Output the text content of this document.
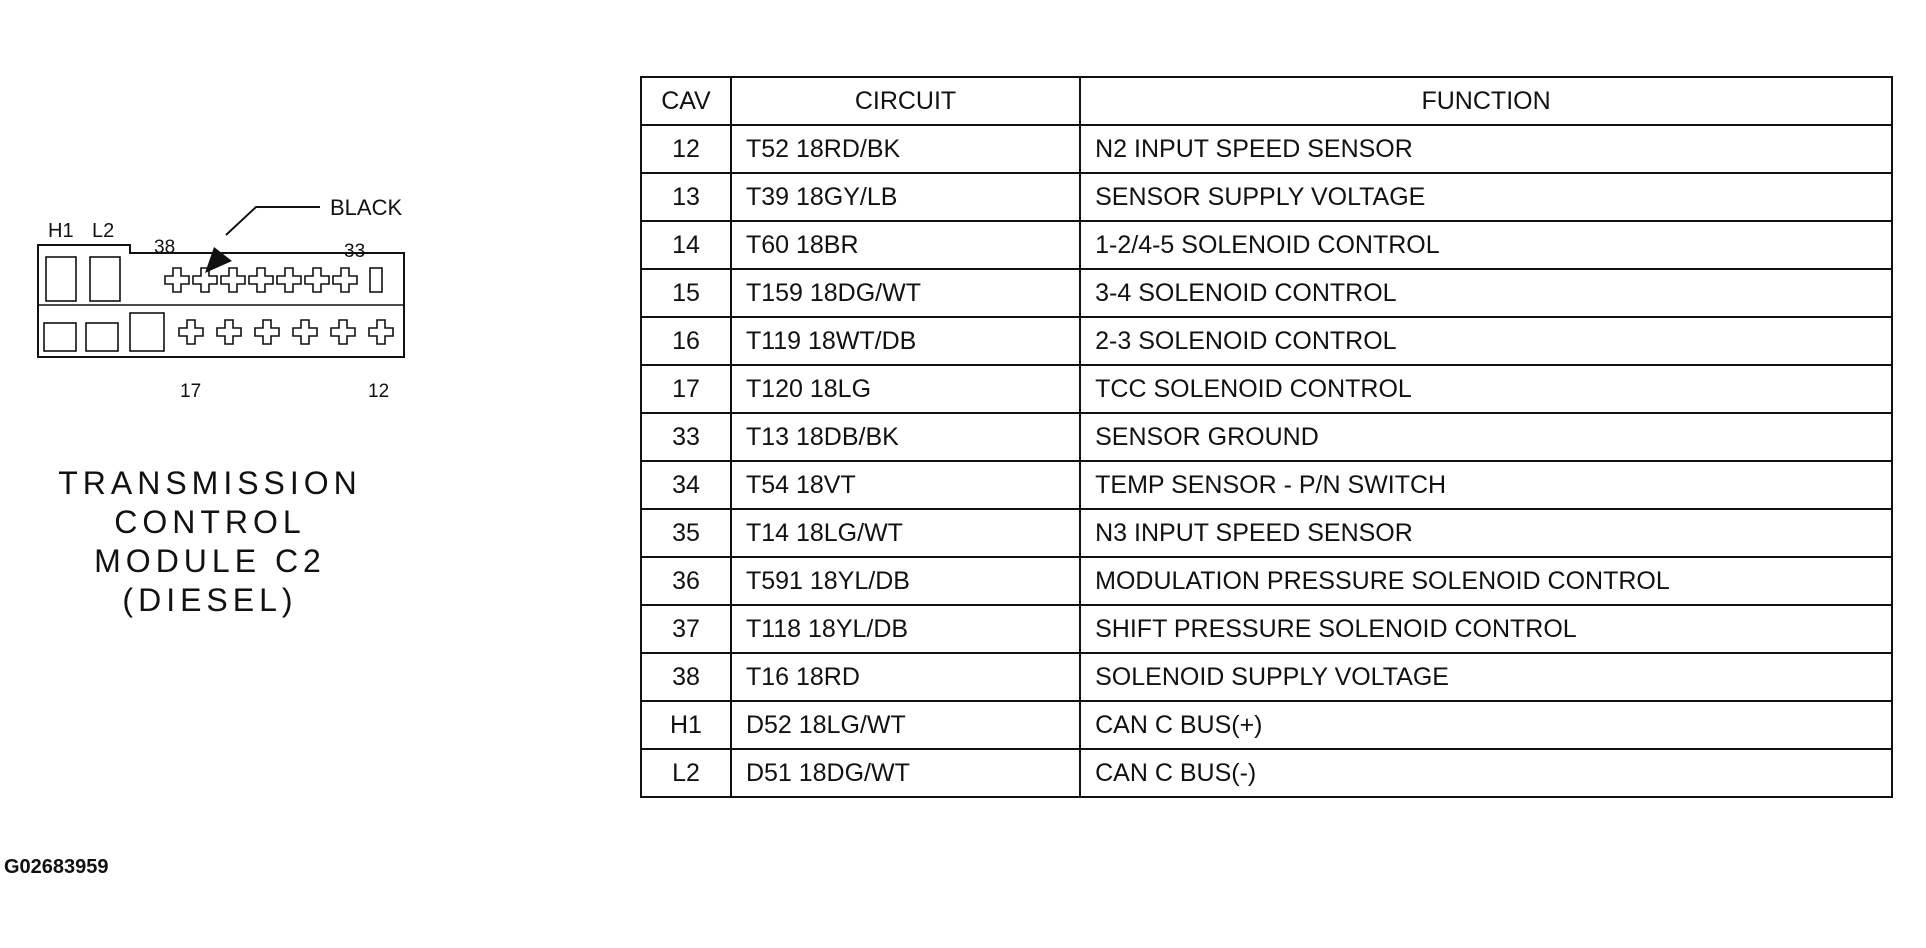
H1 L2
38	33
BLACK
17	12
TRANSMISSION
CONTROL
MODULE C2
(DIESEL)
G02683959
CAV	CIRCUIT	FUNCTION
12	T52 18RD/BK	N2 INPUT SPEED SENSOR
13	T39 18GY/LB	SENSOR SUPPLY VOLTAGE
14	T60 18BR	1-2/4-5 SOLENOID CONTROL
15	T159 18DG/WT	3-4 SOLENOID CONTROL
16	T119 18WT/DB	2-3 SOLENOID CONTROL
17	T120 18LG	TCC SOLENOID CONTROL
33	T13 18DB/BK	SENSOR GROUND
34	T54 18VT	TEMP SENSOR - P/N SWITCH
35	T14 18LG/WT	N3 INPUT SPEED SENSOR
36	T591 18YL/DB	MODULATION PRESSURE SOLENOID CONTROL
37	T118 18YL/DB	SHIFT PRESSURE SOLENOID CONTROL
38	T16 18RD	SOLENOID SUPPLY VOLTAGE
H1	D52 18LG/WT	CAN C BUS(+)
L2	D51 18DG/WT	CAN C BUS(-)
